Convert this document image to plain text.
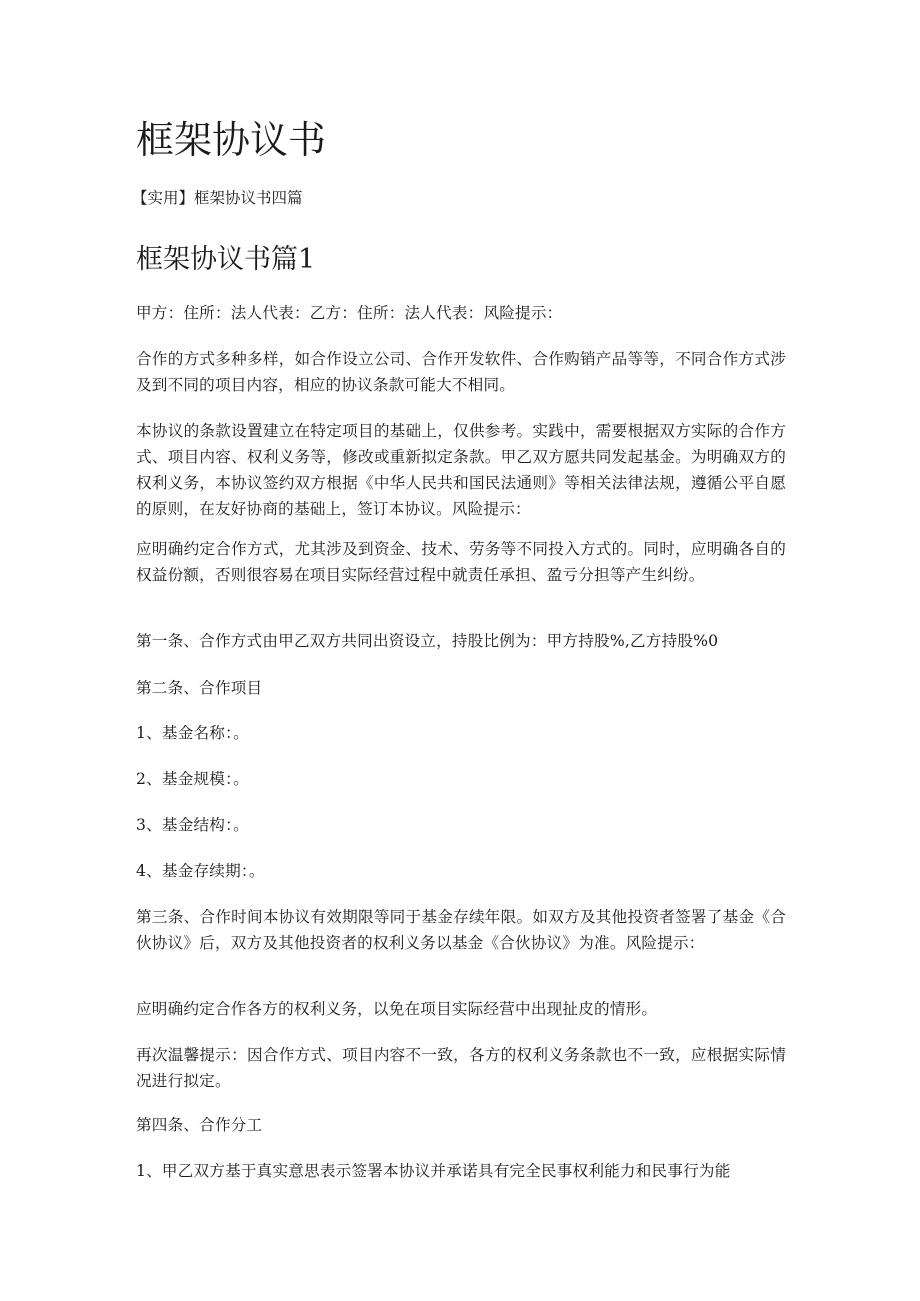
框架协议书

【实用】框架协议书四篇

框架协议书篇1

甲方：住所：法人代表：乙方：住所：法人代表：风险提示：

合作的方式多种多样，如合作设立公司、合作开发软件、合作购销产品等等，不同合作方式涉及到不同的项目内容，相应的协议条款可能大不相同。

本协议的条款设置建立在特定项目的基础上，仅供参考。实践中，需要根据双方实际的合作方式、项目内容、权利义务等，修改或重新拟定条款。甲乙双方愿共同发起基金。为明确双方的权利义务，本协议签约双方根据《中华人民共和国民法通则》等相关法律法规，遵循公平自愿的原则，在友好协商的基础上，签订本协议。风险提示：

应明确约定合作方式，尤其涉及到资金、技术、劳务等不同投入方式的。同时，应明确各自的权益份额，否则很容易在项目实际经营过程中就责任承担、盈亏分担等产生纠纷。

第一条、合作方式由甲乙双方共同出资设立，持股比例为：甲方持股%,乙方持股%0

第二条、合作项目

1、基金名称：。

2、基金规模：。

3、基金结构：。

4、基金存续期：。

第三条、合作时间本协议有效期限等同于基金存续年限。如双方及其他投资者签署了基金《合伙协议》后，双方及其他投资者的权利义务以基金《合伙协议》为准。风险提示：

应明确约定合作各方的权利义务，以免在项目实际经营中出现扯皮的情形。

再次温馨提示：因合作方式、项目内容不一致，各方的权利义务条款也不一致，应根据实际情况进行拟定。

第四条、合作分工

1、甲乙双方基于真实意思表示签署本协议并承诺具有完全民事权利能力和民事行为能
